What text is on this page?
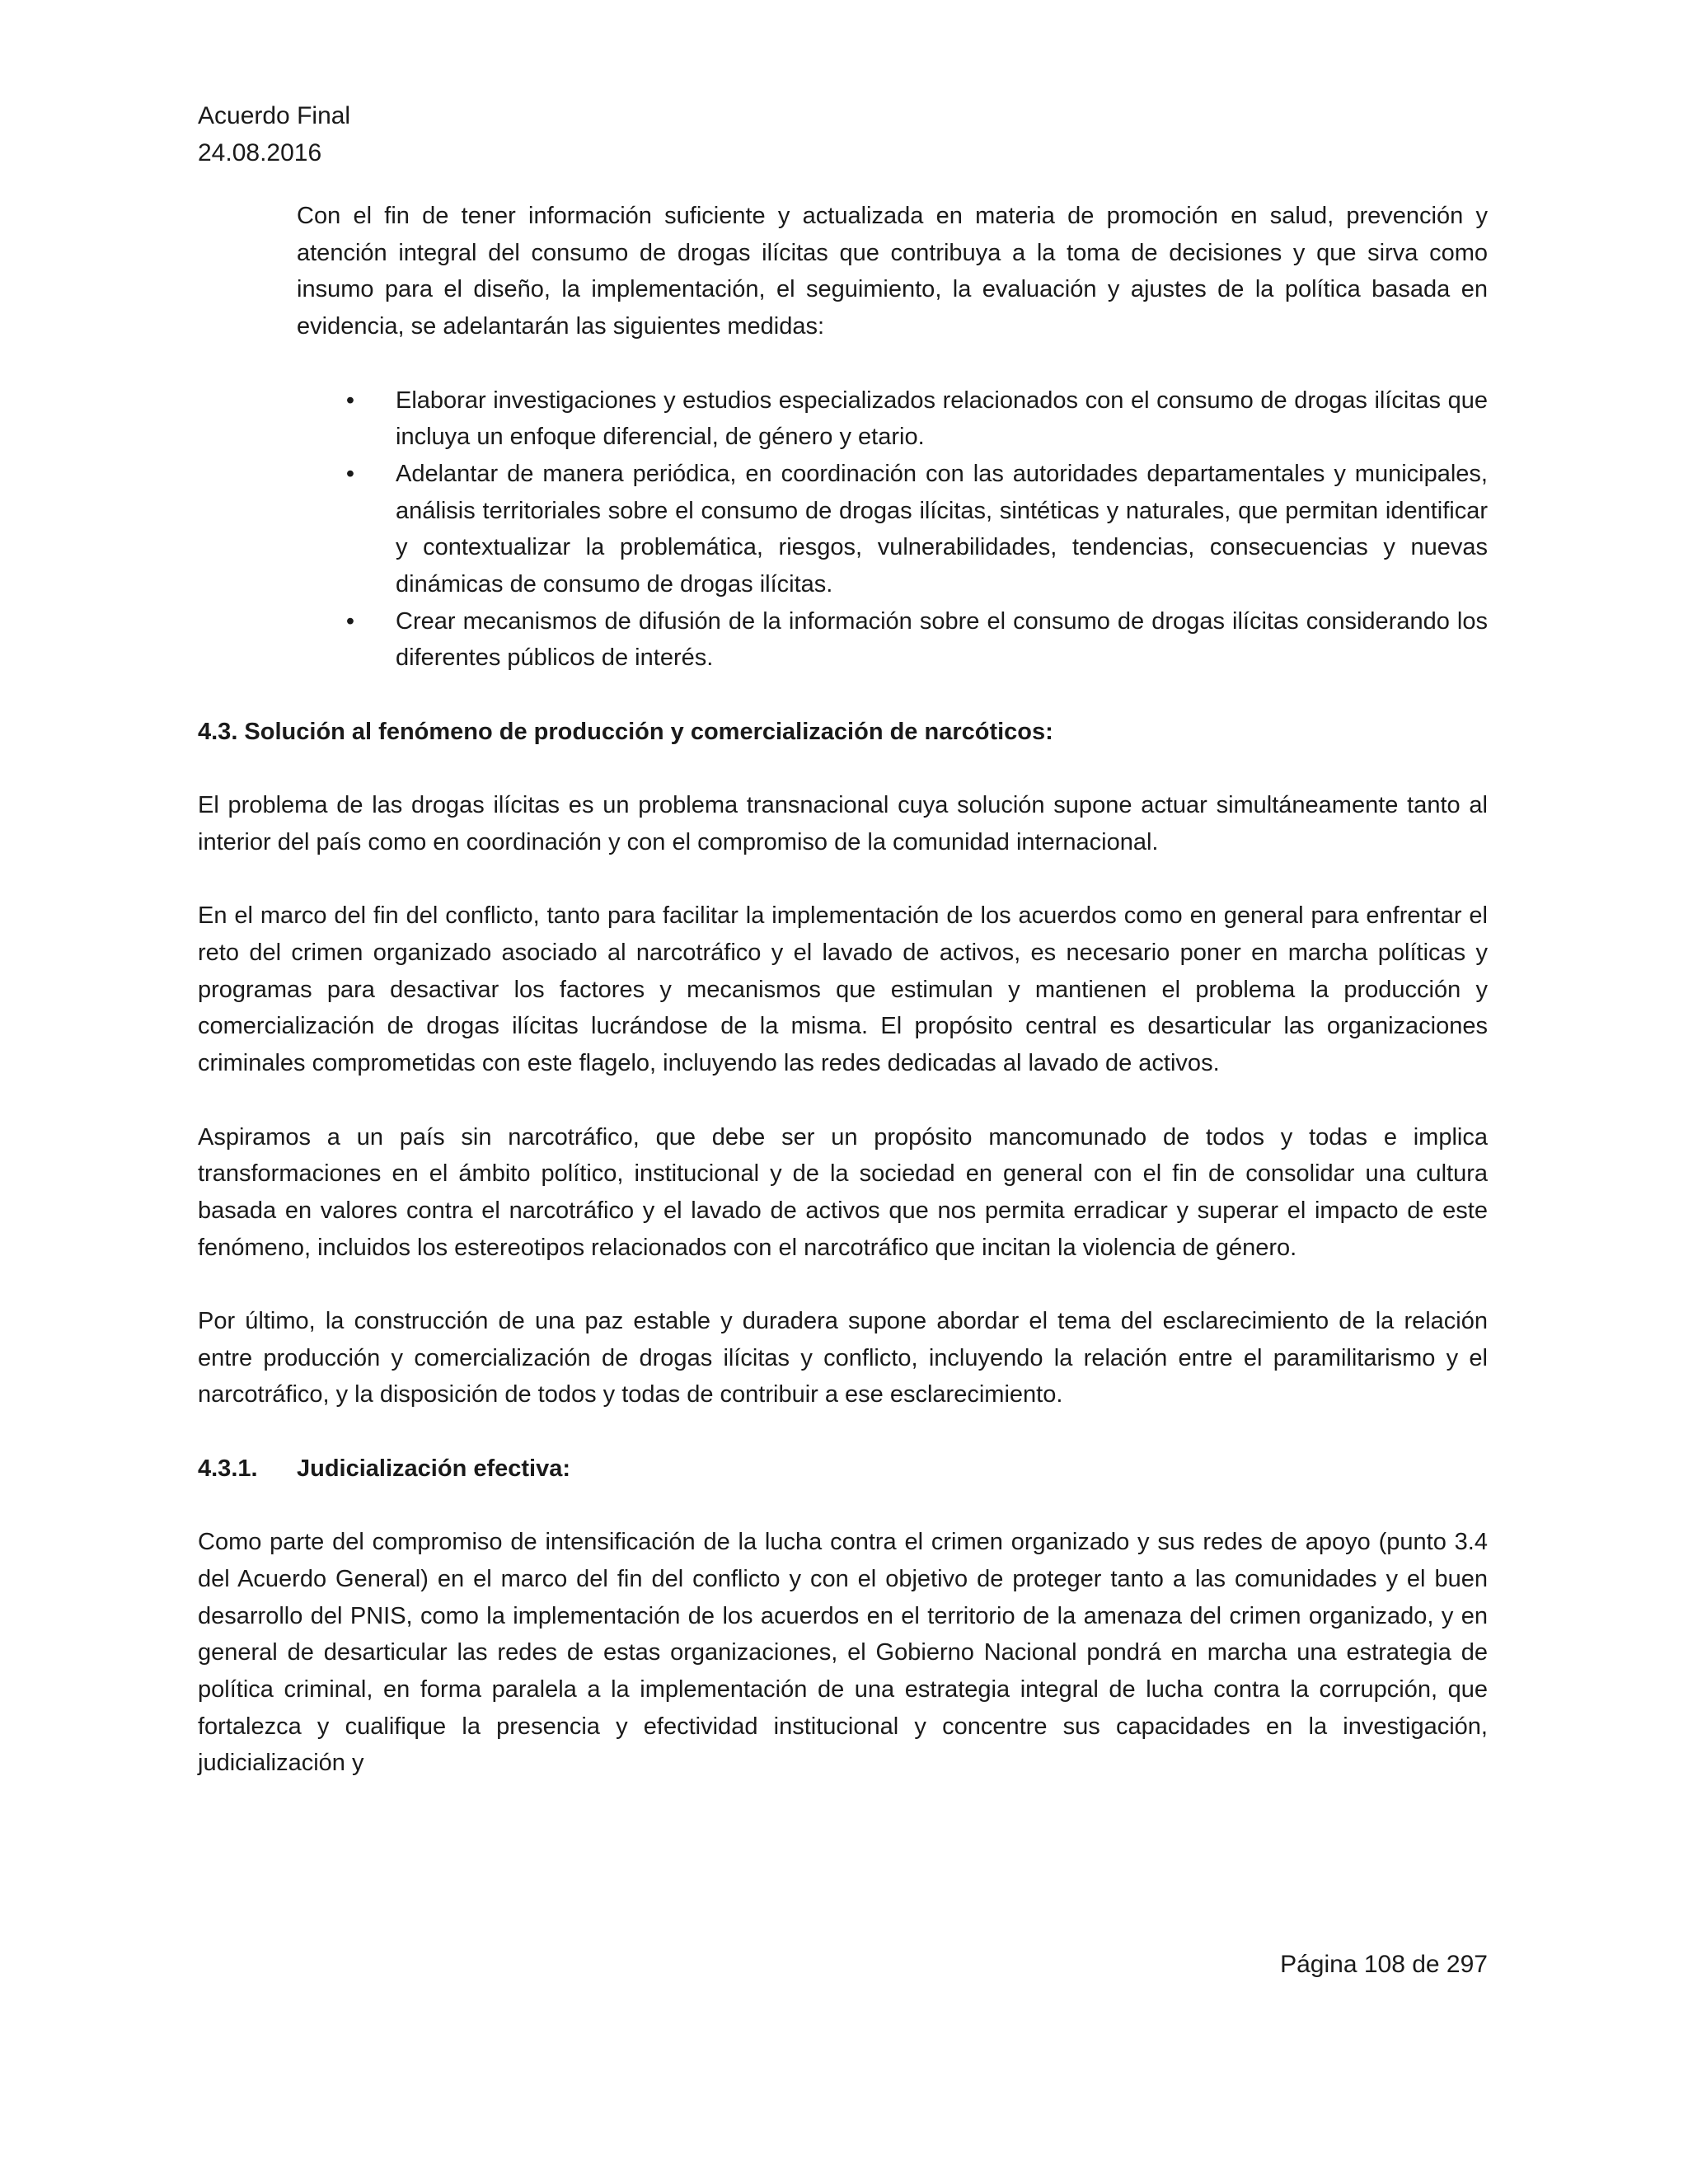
Acuerdo Final
24.08.2016

Con el fin de tener información suficiente y actualizada en materia de promoción en salud, prevención y atención integral del consumo de drogas ilícitas que contribuya a la toma de decisiones y que sirva como insumo para el diseño, la implementación, el seguimiento, la evaluación y ajustes de la política basada en evidencia, se adelantarán las siguientes medidas:

• Elaborar investigaciones y estudios especializados relacionados con el consumo de drogas ilícitas que incluya un enfoque diferencial, de género y etario.
• Adelantar de manera periódica, en coordinación con las autoridades departamentales y municipales, análisis territoriales sobre el consumo de drogas ilícitas, sintéticas y naturales, que permitan identificar y contextualizar la problemática, riesgos, vulnerabilidades, tendencias, consecuencias y nuevas dinámicas de consumo de drogas ilícitas.
• Crear mecanismos de difusión de la información sobre el consumo de drogas ilícitas considerando los diferentes públicos de interés.
4.3. Solución al fenómeno de producción y comercialización de narcóticos:

El problema de las drogas ilícitas es un problema transnacional cuya solución supone actuar simultáneamente tanto al interior del país como en coordinación y con el compromiso de la comunidad internacional.

En el marco del fin del conflicto, tanto para facilitar la implementación de los acuerdos como en general para enfrentar el reto del crimen organizado asociado al narcotráfico y el lavado de activos, es necesario poner en marcha políticas y programas para desactivar los factores y mecanismos que estimulan y mantienen el problema la producción y comercialización de drogas ilícitas lucrándose de la misma. El propósito central es desarticular las organizaciones criminales comprometidas con este flagelo, incluyendo las redes dedicadas al lavado de activos.

Aspiramos a un país sin narcotráfico, que debe ser un propósito mancomunado de todos y todas e implica transformaciones en el ámbito político, institucional y de la sociedad en general con el fin de consolidar una cultura basada en valores contra el narcotráfico y el lavado de activos que nos permita erradicar y superar el impacto de este fenómeno, incluidos los estereotipos relacionados con el narcotráfico que incitan la violencia de género.

Por último, la construcción de una paz estable y duradera supone abordar el tema del esclarecimiento de la relación entre producción y comercialización de drogas ilícitas y conflicto, incluyendo la relación entre el paramilitarismo y el narcotráfico, y la disposición de todos y todas de contribuir a ese esclarecimiento.

4.3.1. Judicialización efectiva:

Como parte del compromiso de intensificación de la lucha contra el crimen organizado y sus redes de apoyo (punto 3.4 del Acuerdo General) en el marco del fin del conflicto y con el objetivo de proteger tanto a las comunidades y el buen desarrollo del PNIS, como la implementación de los acuerdos en el territorio de la amenaza del crimen organizado, y en general de desarticular las redes de estas organizaciones, el Gobierno Nacional pondrá en marcha una estrategia de política criminal, en forma paralela a la implementación de una estrategia integral de lucha contra la corrupción, que fortalezca y cualifique la presencia y efectividad institucional y concentre sus capacidades en la investigación, judicialización y

Página 108 de 297
